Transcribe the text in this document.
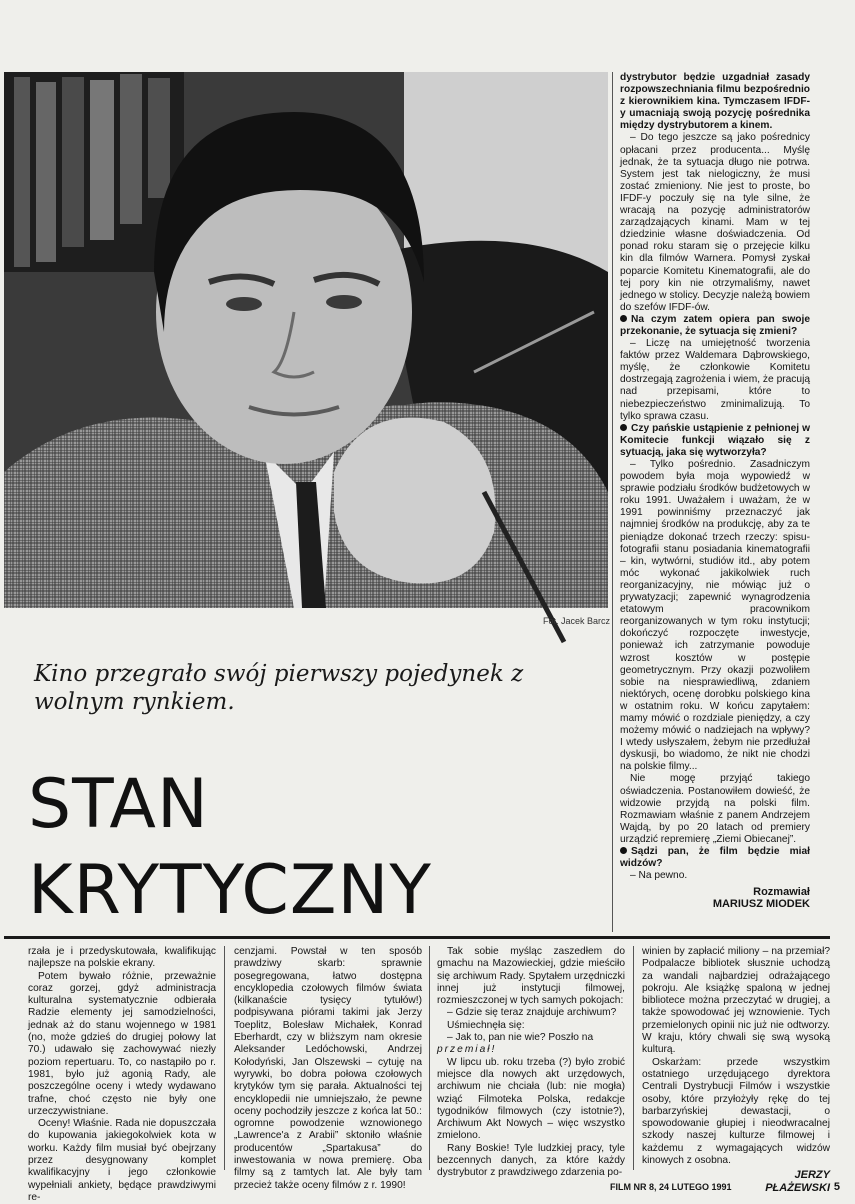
Fot. Jacek Barcz
Kino przegrało swój pierwszy pojedynek z wolnym rynkiem.
STAN
KRYTYCZNY

dystrybutor będzie uzgadniał zasady rozpowszechniania filmu bezpośrednio z kierownikiem kina. Tymczasem IFDF-y umacniają swoją pozycję pośrednika między dystrybutorem a kinem.

– Do tego jeszcze są jako pośrednicy opłacani przez producenta... Myślę jednak, że ta sytuacja długo nie potrwa. System jest tak nielogiczny, że musi zostać zmieniony. Nie jest to proste, bo IFDF-y poczuły się na tyle silne, że wracają na pozycję administratorów zarządzających kinami. Mam w tej dziedzinie własne doświadczenia. Od ponad roku staram się o przejęcie kilku kin dla filmów Warnera. Pomysł zyskał poparcie Komitetu Kinematografii, ale do tej pory kin nie otrzymaliśmy, nawet jednego w stolicy. Decyzje należą bowiem do szefów IFDF-ów.

Na czym zatem opiera pan swoje przekonanie, że sytuacja się zmieni?

– Liczę na umiejętność tworzenia faktów przez Waldemara Dąbrowskiego, myślę, że członkowie Komitetu dostrzegają zagrożenia i wiem, że pracują nad przepisami, które to niebezpieczeństwo zminimalizują. To tylko sprawa czasu.

Czy pańskie ustąpienie z pełnionej w Komitecie funkcji wiązało się z sytuacją, jaka się wytworzyła?

– Tylko pośrednio. Zasadniczym powodem była moja wypowiedź w sprawie podziału środków budżetowych w roku 1991. Uważałem i uważam, że w 1991 powinniśmy przeznaczyć jak najmniej środków na produkcję, aby za te pieniądze dokonać trzech rzeczy: spisu-fotografii stanu posiadania kinematografii – kin, wytwórni, studiów itd., aby potem móc wykonać jakikolwiek ruch reorganizacyjny, nie mówiąc już o prywatyzacji; zapewnić wynagrodzenia etatowym pracownikom reorganizowanych w tym roku instytucji; dokończyć rozpoczęte inwestycje, ponieważ ich zatrzymanie powoduje wzrost kosztów w postępie geometrycznym. Przy okazji pozwoliłem sobie na niesprawiedliwą, zdaniem niektórych, ocenę dorobku polskiego kina w ostatnim roku. W końcu zapytałem: mamy mówić o rozdziale pieniędzy, a czy możemy mówić o nadziejach na wpływy? I wtedy usłyszałem, żebym nie przedłużał dyskusji, bo wiadomo, że nikt nie chodzi na polskie filmy...

Nie mogę przyjąć takiego oświadczenia. Postanowiłem dowieść, że widzowie przyjdą na polski film. Rozmawiam właśnie z panem Andrzejem Wajdą, by po 20 latach od premiery urządzić repremierę „Ziemi Obiecanej”.

Sądzi pan, że film będzie miał widzów?

– Na pewno.

Rozmawiał
MARIUSZ MIODEK

rzała je i przedyskutowała, kwalifikując najlepsze na polskie ekrany.

Potem bywało różnie, przeważnie coraz gorzej, gdyż administracja kulturalna systematycznie odbierała Radzie elementy jej samodzielności, jednak aż do stanu wojennego w 1981 (no, może gdzieś do drugiej połowy lat 70.) udawało się zachowywać niezły poziom repertuaru. To, co nastąpiło po r. 1981, było już agonią Rady, ale poszczególne oceny i wtedy wydawano trafne, choć często nie były one urzeczywistniane.

Oceny! Właśnie. Rada nie dopuszczała do kupowania jakiegokolwiek kota w worku. Każdy film musiał być obejrzany przez desygnowany komplet kwalifikacyjny i jego członkowie wypełniali ankiety, będące prawdziwymi re-

cenzjami. Powstał w ten sposób prawdziwy skarb: sprawnie posegregowana, łatwo dostępna encyklopedia czołowych filmów świata (kilkanaście tysięcy tytułów!) podpisywana piórami takimi jak Jerzy Toeplitz, Bolesław Michałek, Konrad Eberhardt, czy w bliższym nam okresie Aleksander Ledóchowski, Andrzej Kołodyński, Jan Olszewski – cytuję na wyrywki, bo dobra połowa czołowych krytyków tym się parała. Aktualności tej encyklopedii nie umniejszało, że pewne oceny pochodziły jeszcze z końca lat 50.: ogromne powodzenie wznowionego „Lawrence'a z Arabii” sktoniło właśnie producentów „Spartakusa” do inwestowania w nowa premierę. Oba filmy są z tamtych lat. Ale były tam przecież także oceny filmów z r. 1990!

Tak sobie myśląc zaszedłem do gmachu na Mazowieckiej, gdzie mieściło się archiwum Rady. Spytałem urzędniczki innej już instytucji filmowej, rozmieszczonej w tych samych pokojach:

– Gdzie się teraz znajduje archiwum?

Uśmiechnęła się:

– Jak to, pan nie wie? Poszło na

przemiał!

W lipcu ub. roku trzeba (?) było zrobić miejsce dla nowych akt urzędowych, archiwum nie chciała (lub: nie mogła) wziąć Filmoteka Polska, redakcje tygodników filmowych (czy istotnie?), Archiwum Akt Nowych – więc wszystko zmielono.

Rany Boskie! Tyle ludzkiej pracy, tyle bezcennych danych, za które każdy dystrybutor z prawdziwego zdarzenia po-

winien by zapłacić miliony – na przemiał? Podpalacze bibliotek słusznie uchodzą za wandali najbardziej odrażającego pokroju. Ale książkę spaloną w jednej bibliotece można przeczytać w drugiej, a także spowodować jej wznowienie. Tych przemielonych opinii nic już nie odtworzy. W kraju, który chwali się swą wysoką kulturą.

Oskarżam: przede wszystkim ostatniego urzędującego dyrektora Centrali Dystrybucji Filmów i wszystkie osoby, które przyłożyły rękę do tej barbarzyńskiej dewastacji, o spowodowanie głupiej i nieodwracalnej szkody naszej kulturze filmowej i każdemu z wymagających widzów kinowych z osobna.

JERZY
PŁAŻEWSKI
FILM NR 8, 24 LUTEGO 1991	5
